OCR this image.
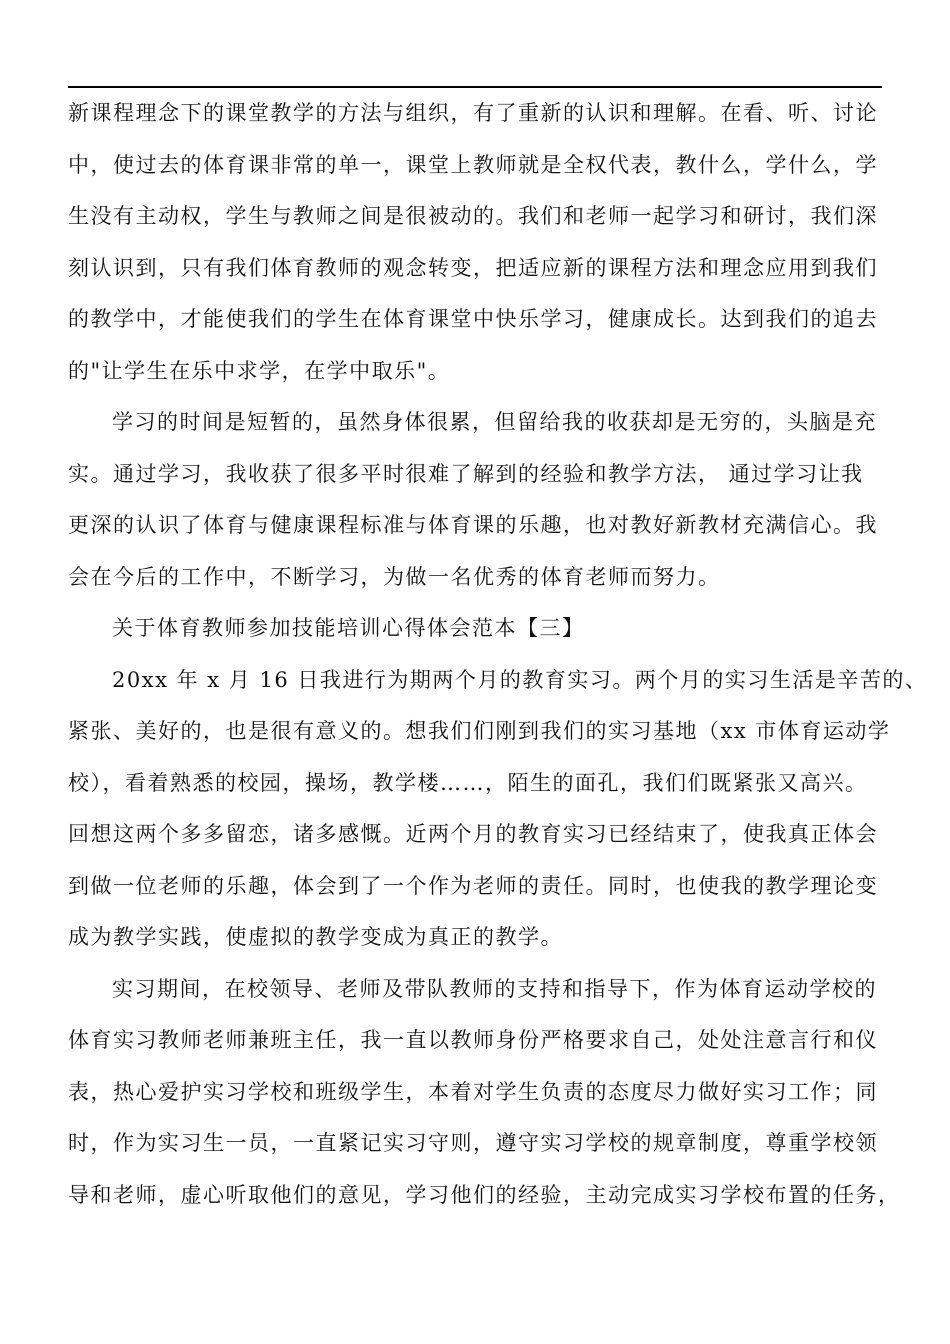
新课程理念下的课堂教学的方法与组织，有了重新的认识和理解。在看、听、讨论
中，使过去的体育课非常的单一，课堂上教师就是全权代表，教什么，学什么，学
生没有主动权，学生与教师之间是很被动的。我们和老师一起学习和研讨，我们深
刻认识到，只有我们体育教师的观念转变，把适应新的课程方法和理念应用到我们
的教学中，才能使我们的学生在体育课堂中快乐学习，健康成长。达到我们的追去
的"让学生在乐中求学，在学中取乐"。
学习的时间是短暂的，虽然身体很累，但留给我的收获却是无穷的，头脑是充
实。通过学习，我收获了很多平时很难了解到的经验和教学方法， 通过学习让我
更深的认识了体育与健康课程标准与体育课的乐趣，也对教好新教材充满信心。我
会在今后的工作中，不断学习，为做一名优秀的体育老师而努力。
关于体育教师参加技能培训心得体会范本【三】
20xx 年 x 月 16 日我进行为期两个月的教育实习。两个月的实习生活是辛苦的、
紧张、美好的，也是很有意义的。想我们们刚到我们的实习基地（xx 市体育运动学
校），看着熟悉的校园，操场，教学楼……，陌生的面孔，我们们既紧张又高兴。
回想这两个多多留恋，诸多感慨。近两个月的教育实习已经结束了，使我真正体会
到做一位老师的乐趣，体会到了一个作为老师的责任。同时，也使我的教学理论变
成为教学实践，使虚拟的教学变成为真正的教学。
实习期间，在校领导、老师及带队教师的支持和指导下，作为体育运动学校的
体育实习教师老师兼班主任，我一直以教师身份严格要求自己，处处注意言行和仪
表，热心爱护实习学校和班级学生，本着对学生负责的态度尽力做好实习工作；同
时，作为实习生一员，一直紧记实习守则，遵守实习学校的规章制度，尊重学校领
导和老师，虚心听取他们的意见，学习他们的经验，主动完成实习学校布置的任务，
